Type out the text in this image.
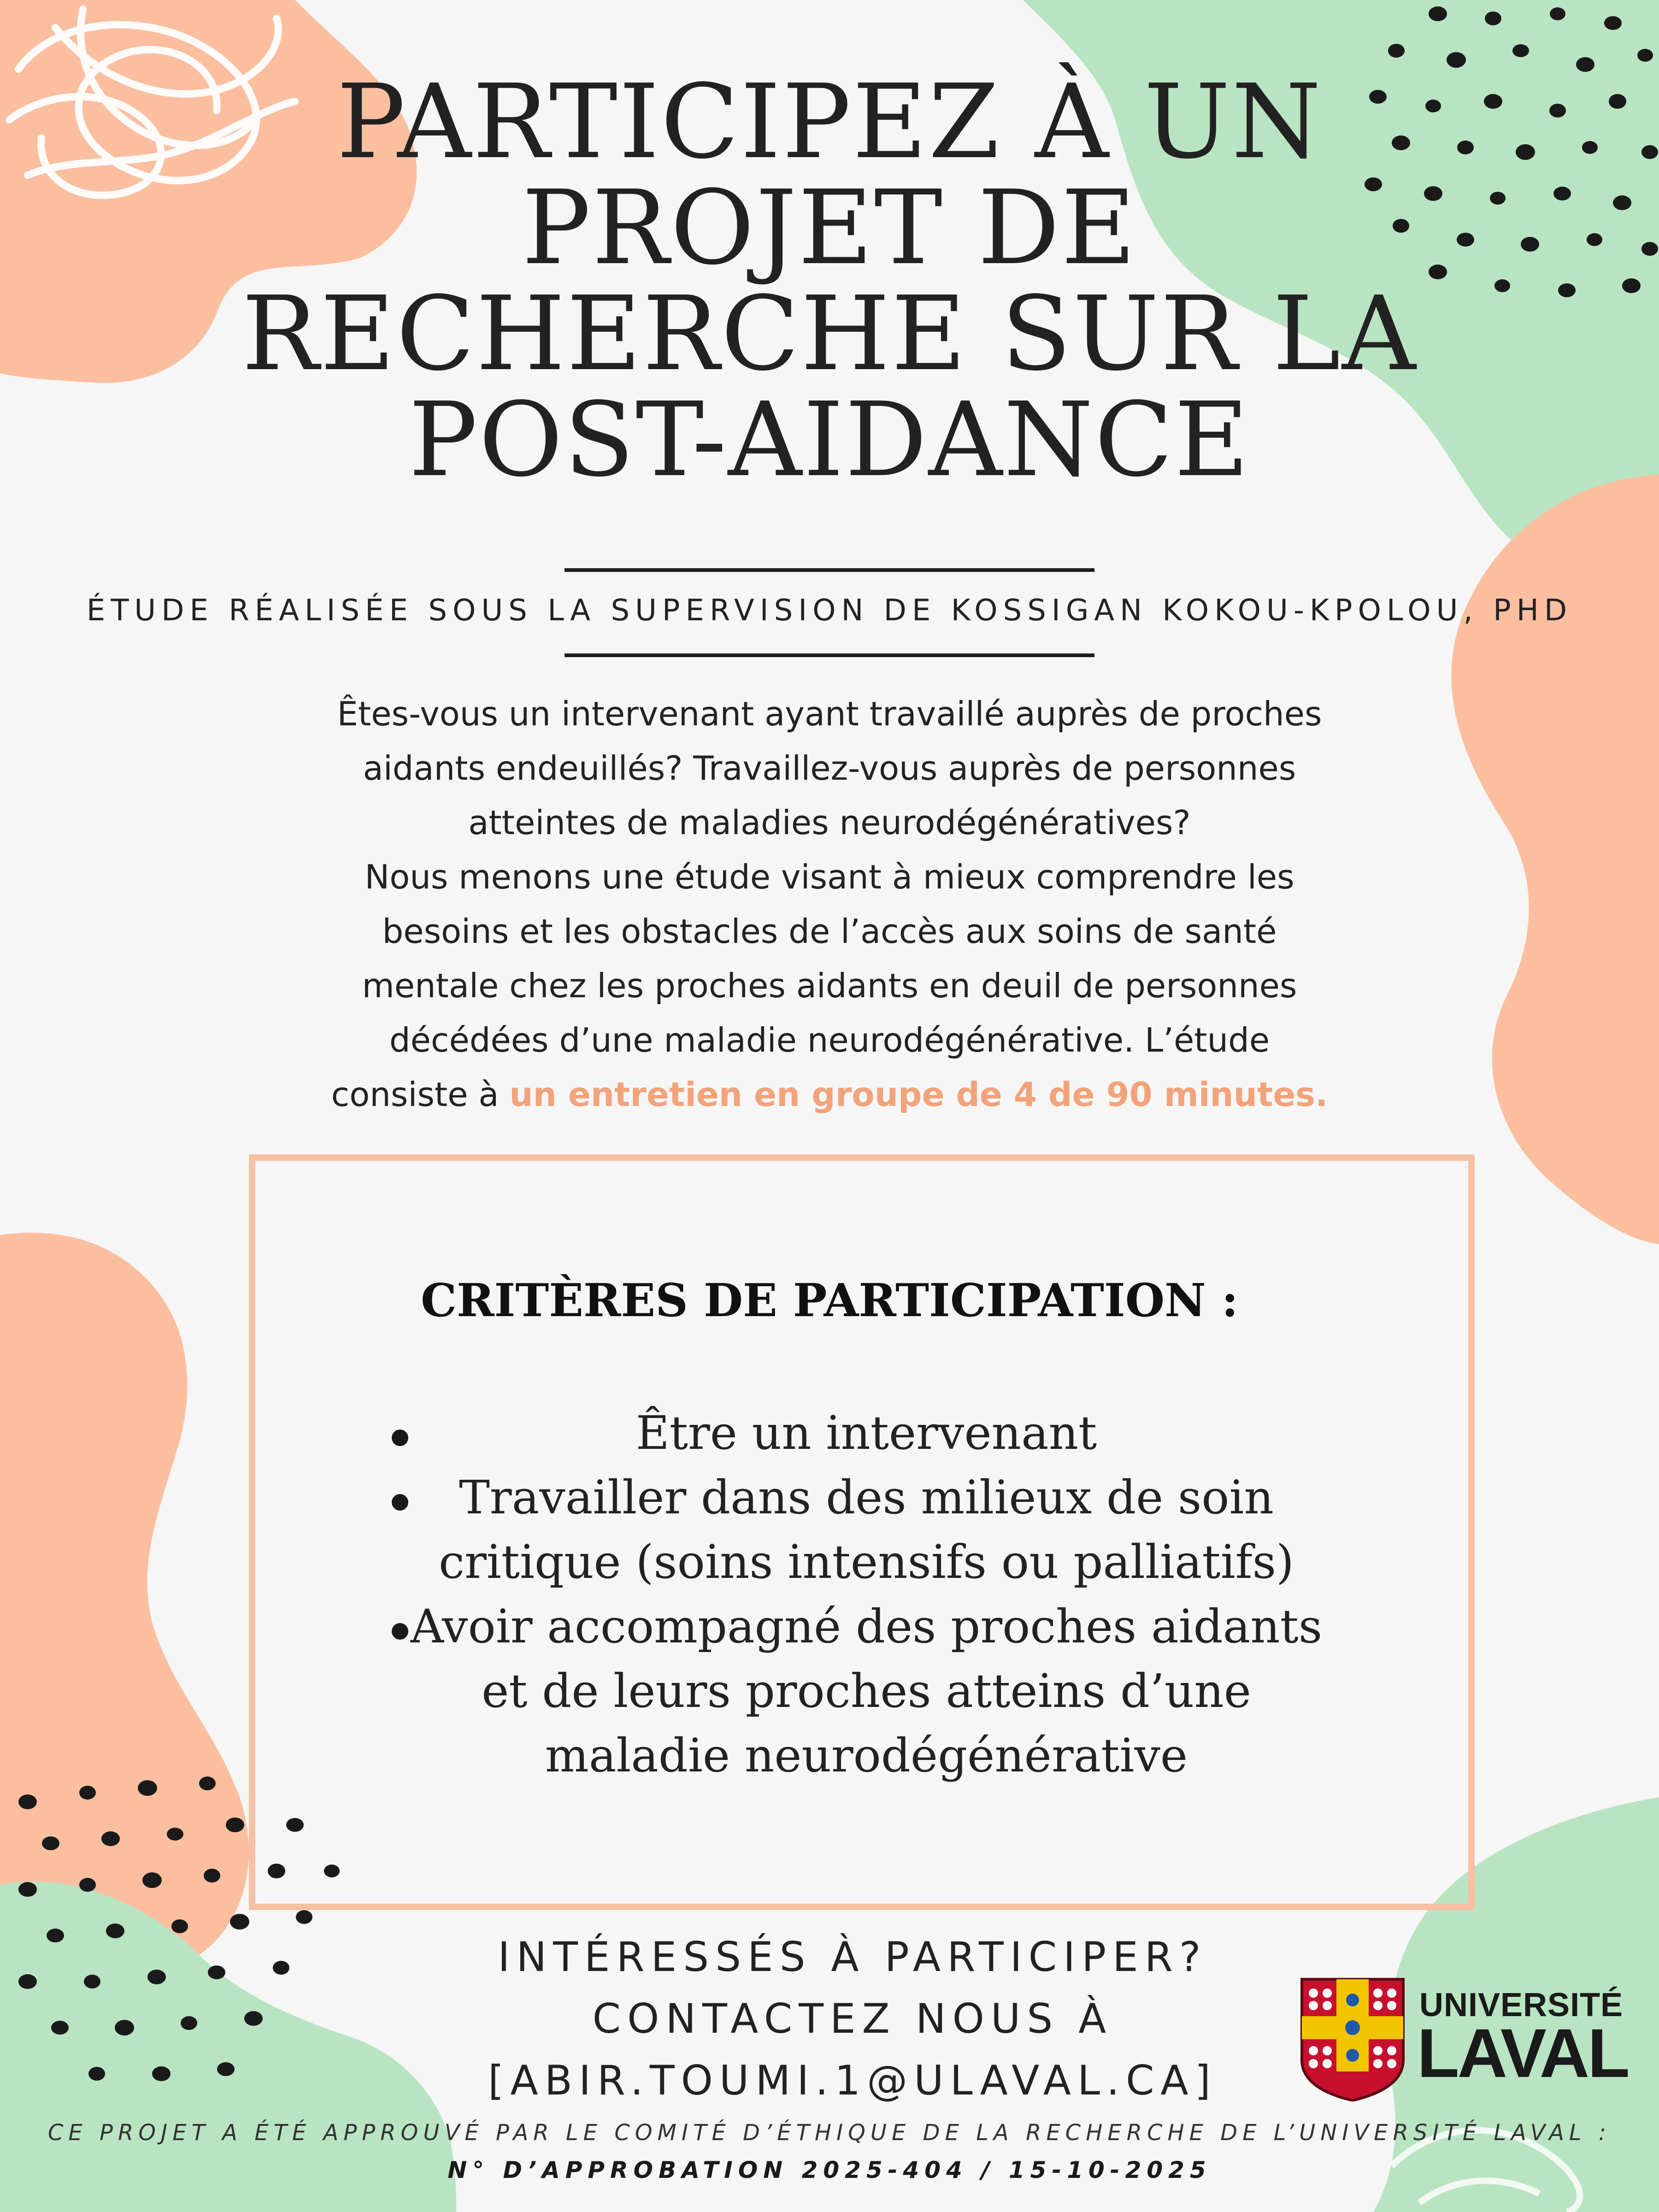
PARTICIPEZ À UN
PROJET DE
RECHERCHE SUR LA
POST-AIDANCE
ÉTUDE RÉALISÉE SOUS LA SUPERVISION DE KOSSIGAN KOKOU-KPOLOU, PHD
Êtes-vous un intervenant ayant travaillé auprès de proches
aidants endeuillés? Travaillez-vous auprès de personnes
atteintes de maladies neurodégénératives?
Nous menons une étude visant à mieux comprendre les
besoins et les obstacles de l’accès aux soins de santé
mentale chez les proches aidants en deuil de personnes
décédées d’une maladie neurodégénérative. L’étude
consiste à un entretien en groupe de 4 de 90 minutes.
CRITÈRES DE PARTICIPATION :
Être un intervenant
Travailler dans des milieux de soin
critique (soins intensifs ou palliatifs)
Avoir accompagné des proches aidants
et de leurs proches atteins d’une
maladie neurodégénérative
INTÉRESSÉS À PARTICIPER?
CONTACTEZ NOUS À
[ABIR.TOUMI.1@ULAVAL.CA]
UNIVERSITÉ
LAVAL
CE PROJET A ÉTÉ APPROUVÉ PAR LE COMITÉ D’ÉTHIQUE DE LA RECHERCHE DE L’UNIVERSITÉ LAVAL :
N° D’APPROBATION 2025-404 / 15-10-2025
